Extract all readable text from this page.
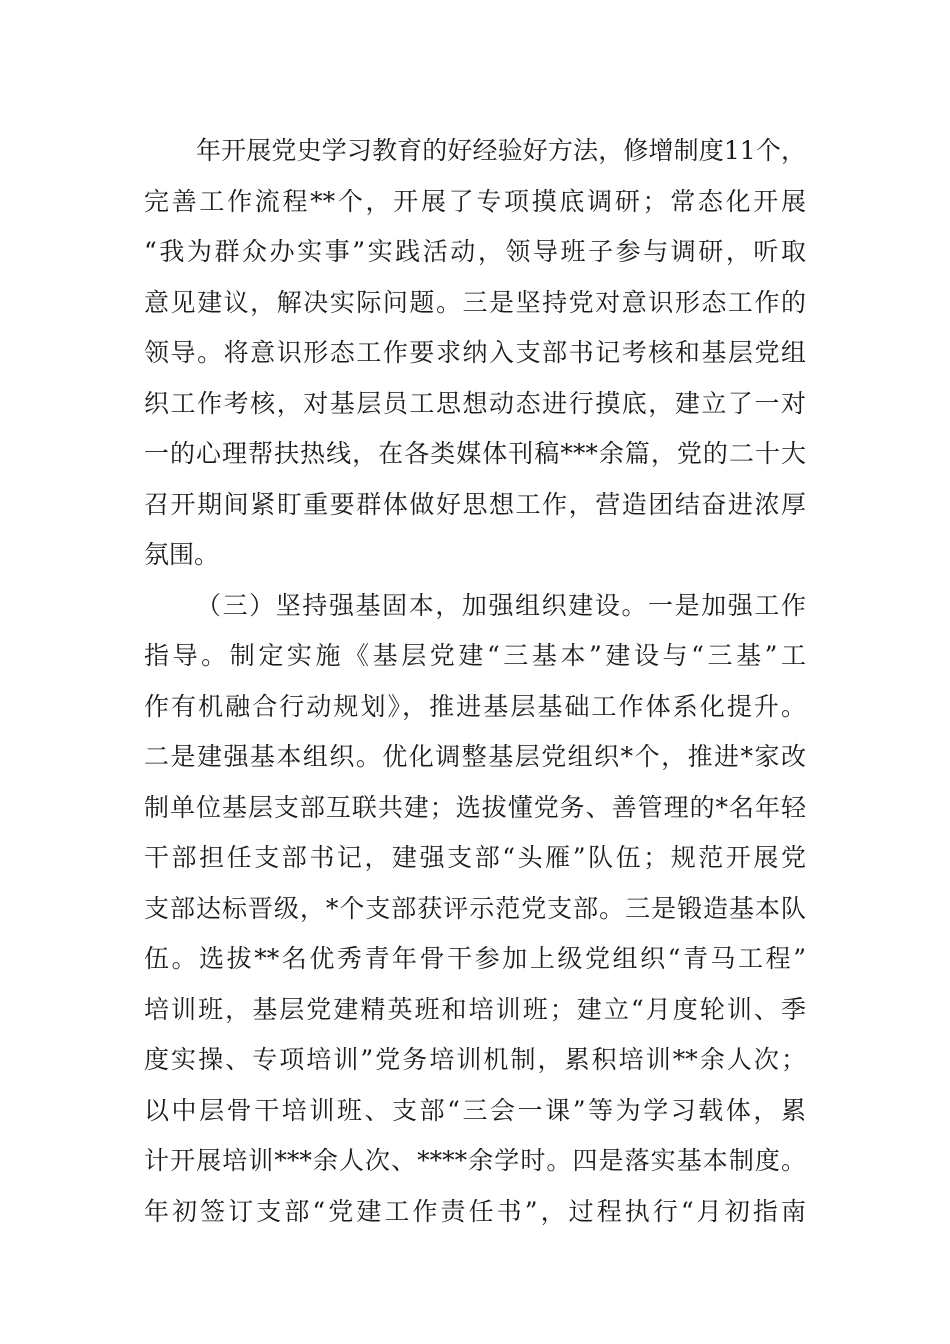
年开展党史学习教育的好经验好方法，修增制度11个，
完善工作流程**个，开展了专项摸底调研；常态化开展
“我为群众办实事”实践活动，领导班子参与调研，听取
意见建议，解决实际问题。三是坚持党对意识形态工作的
领导。将意识形态工作要求纳入支部书记考核和基层党组
织工作考核，对基层员工思想动态进行摸底，建立了一对
一的心理帮扶热线，在各类媒体刊稿***余篇，党的二十大
召开期间紧盯重要群体做好思想工作，营造团结奋进浓厚
氛围。
（三）坚持强基固本，加强组织建设。一是加强工作
指导。制定实施《基层党建“三基本”建设与“三基”工
作有机融合行动规划》，推进基层基础工作体系化提升。
二是建强基本组织。优化调整基层党组织*个，推进*家改
制单位基层支部互联共建；选拔懂党务、善管理的*名年轻
干部担任支部书记，建强支部“头雁”队伍；规范开展党
支部达标晋级，*个支部获评示范党支部。三是锻造基本队
伍。选拔**名优秀青年骨干参加上级党组织“青马工程”
培训班，基层党建精英班和培训班；建立“月度轮训、季
度实操、专项培训”党务培训机制，累积培训**余人次；
以中层骨干培训班、支部“三会一课”等为学习载体，累
计开展培训***余人次、****余学时。四是落实基本制度。
年初签订支部“党建工作责任书”，过程执行“月初指南
